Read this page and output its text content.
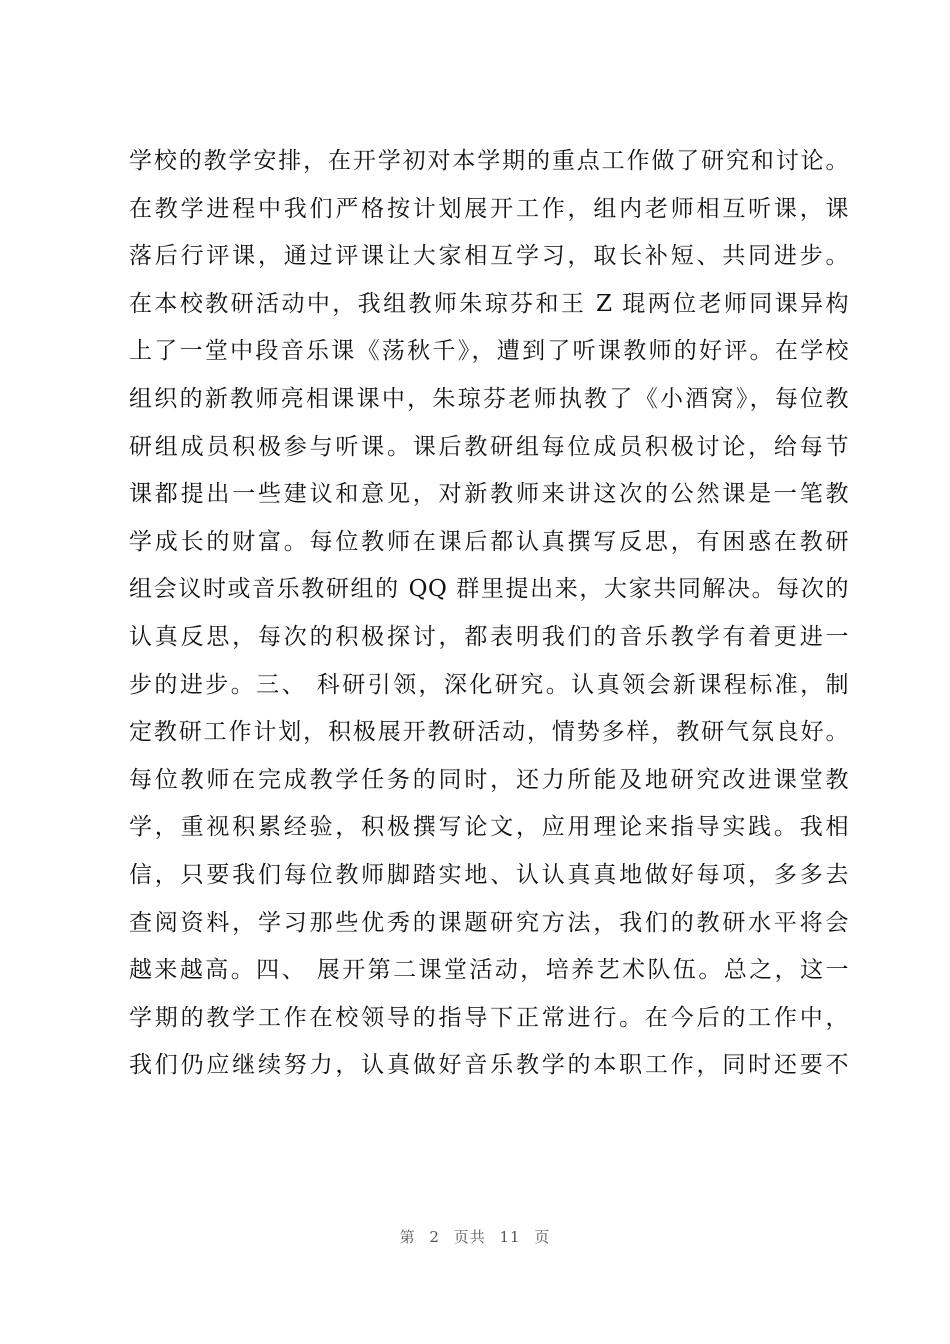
学校的教学安排，在开学初对本学期的重点工作做了研究和讨论。
在教学进程中我们严格按计划展开工作，组内老师相互听课，课
落后行评课，通过评课让大家相互学习，取长补短、共同进步。
在本校教研活动中，我组教师朱琼芬和王 Z 琨两位老师同课异构
上了一堂中段音乐课《荡秋千》，遭到了听课教师的好评。在学校
组织的新教师亮相课课中，朱琼芬老师执教了《小酒窝》，每位教
研组成员积极参与听课。课后教研组每位成员积极讨论，给每节
课都提出一些建议和意见，对新教师来讲这次的公然课是一笔教
学成长的财富。每位教师在课后都认真撰写反思，有困惑在教研
组会议时或音乐教研组的 QQ 群里提出来，大家共同解决。每次的
认真反思，每次的积极探讨，都表明我们的音乐教学有着更进一
步的进步。三、 科研引领，深化研究。认真领会新课程标准，制
定教研工作计划，积极展开教研活动，情势多样，教研气氛良好。
每位教师在完成教学任务的同时，还力所能及地研究改进课堂教
学，重视积累经验，积极撰写论文，应用理论来指导实践。我相
信，只要我们每位教师脚踏实地、认认真真地做好每项，多多去
查阅资料，学习那些优秀的课题研究方法，我们的教研水平将会
越来越高。四、 展开第二课堂活动，培养艺术队伍。总之，这一
学期的教学工作在校领导的指导下正常进行。在今后的工作中，
我们仍应继续努力，认真做好音乐教学的本职工作，同时还要不
第 2 页共 11 页
